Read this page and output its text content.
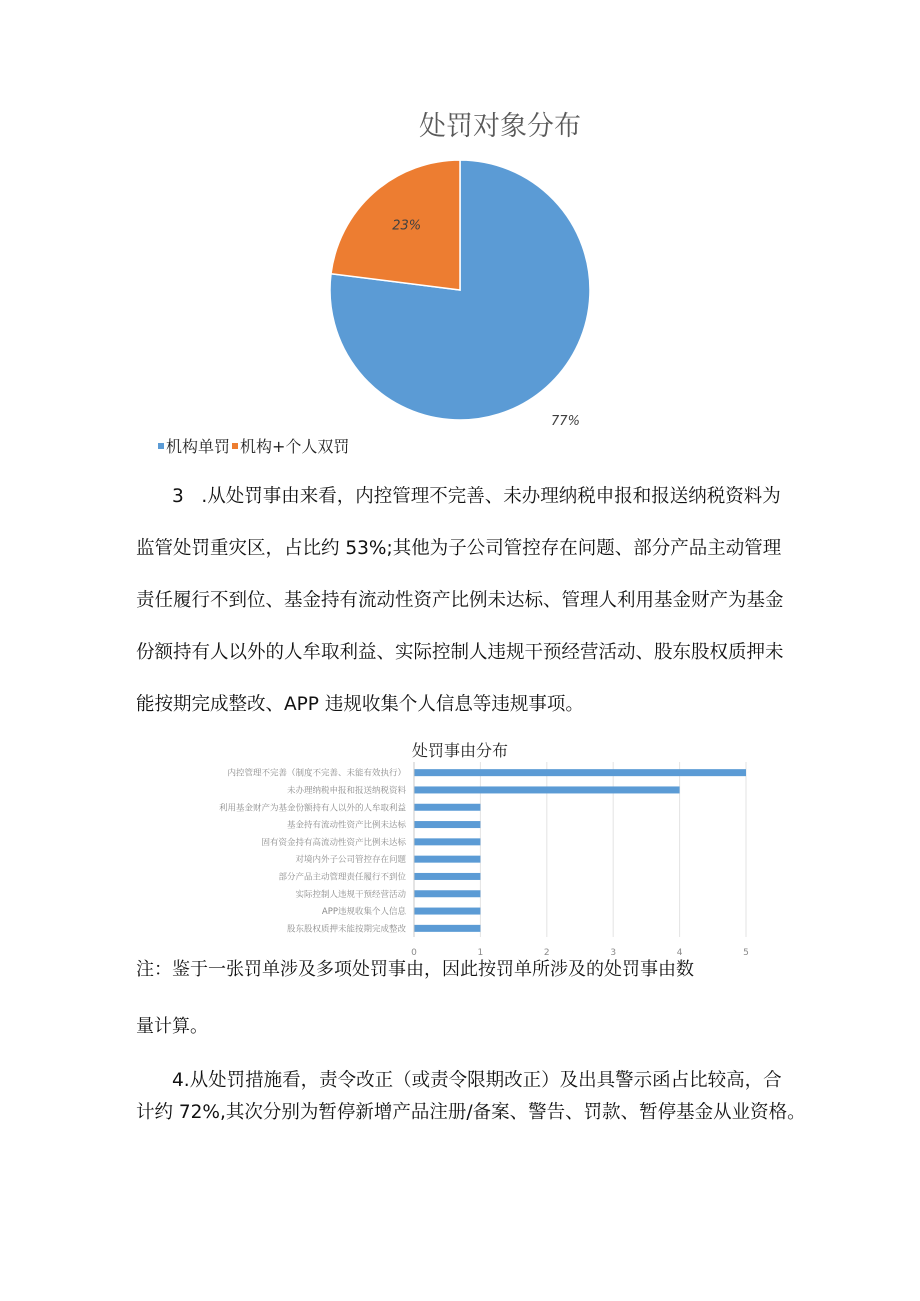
处罚对象分布
77%
23%
机构单罚 机构+个人双罚
3   .从处罚事由来看，内控管理不完善、未办理纳税申报和报送纳税资料为
监管处罚重灾区，占比约 53%;其他为子公司管控存在问题、部分产品主动管理
责任履行不到位、基金持有流动性资产比例未达标、管理人利用基金财产为基金
份额持有人以外的人牟取利益、实际控制人违规干预经营活动、股东股权质押未
能按期完成整改、APP 违规收集个人信息等违规事项。
处罚事由分布
0	1	2	3	4	5
内控管理不完善（制度不完善、未能有效执行）
未办理纳税申报和报送纳税资料
利用基金财产为基金份额持有人以外的人牟取利益
基金持有流动性资产比例未达标
固有资金持有高流动性资产比例未达标
对境内外子公司管控存在问题
部分产品主动管理责任履行不到位
实际控制人违规干预经营活动
APP违规收集个人信息
股东股权质押未能按期完成整改
注：鉴于一张罚单涉及多项处罚事由，因此按罚单所涉及的处罚事由数
量计算。
4.从处罚措施看，责令改正（或责令限期改正）及出具警示函占比较高，合
计约 72%,其次分别为暂停新增产品注册/备案、警告、罚款、暂停基金从业资格。
